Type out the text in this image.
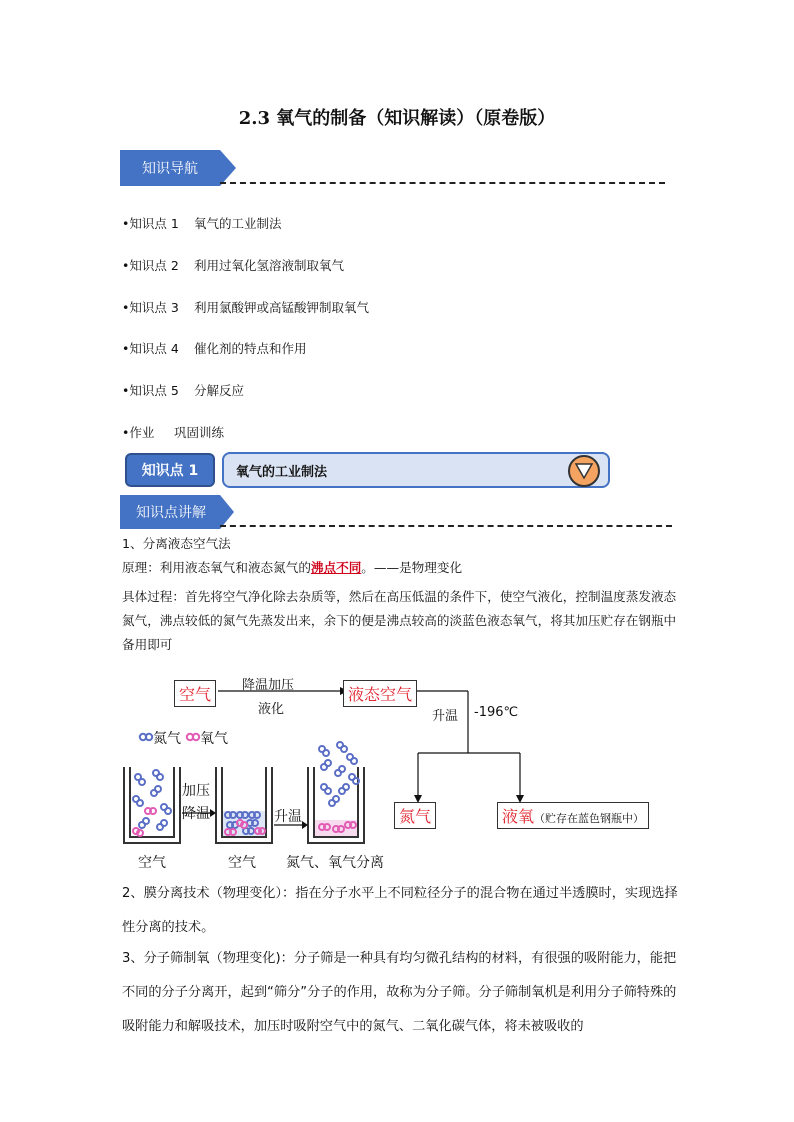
2.3 氧气的制备（知识解读）（原卷版）
知识导航
•知识点 1 氧气的工业制法
•知识点 2 利用过氧化氢溶液制取氧气
•知识点 3 利用氯酸钾或高锰酸钾制取氧气
•知识点 4 催化剂的特点和作用
•知识点 5 分解反应
•作业 巩固训练
知识点 1	氧气的工业制法
知识点讲解
1、分离液态空气法
原理：利用液态氧气和液态氮气的沸点不同。——是物理变化
具体过程：首先将空气净化除去杂质等，然后在高压低温的条件下，使空气液化，控制温度蒸发液态氮气，沸点较低的氮气先蒸发出来，余下的便是沸点较高的淡蓝色液态氧气，将其加压贮存在钢瓶中备用即可
空气	降温加压
液化
液态空气
升温 -196℃
氮气	液氧（贮存在蓝色钢瓶中）
氮气 氧气
加压
降温	升温
空气	空气 氮气、氧气分离
2、膜分离技术（物理变化）：指在分子水平上不同粒径分子的混合物在通过半透膜时，实现选择性分离的技术。
3、分子筛制氧（物理变化)：分子筛是一种具有均匀微孔结构的材料，有很强的吸附能力，能把不同的分子分离开，起到“筛分”分子的作用，故称为分子筛。分子筛制氧机是利用分子筛特殊的吸附能力和解吸技术，加压时吸附空气中的氮气、二氧化碳气体，将未被吸收的
